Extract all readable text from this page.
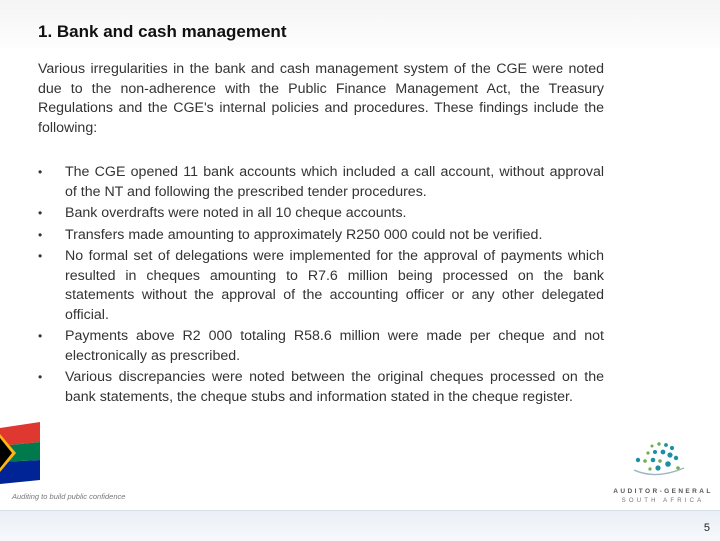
1. Bank and cash management
Various irregularities in the bank and cash management system of the CGE were noted due to the non-adherence with the Public Finance Management Act, the Treasury Regulations and the CGE's internal policies and procedures. These findings include the following:
•	The CGE opened 11 bank accounts which included a call account, without approval of the NT and following the prescribed tender procedures.
•	Bank overdrafts were noted in all 10 cheque accounts.
•	Transfers made amounting to approximately R250 000 could not be verified.
•	No formal set of delegations were implemented for the approval of payments which resulted in cheques amounting to R7.6 million being processed on the bank statements without the approval of the accounting officer or any other delegated official.
•	Payments above R2 000 totaling R58.6 million were made per cheque and not electronically as prescribed.
•	Various discrepancies were noted between the original cheques processed on the bank statements, the cheque stubs and information stated in the cheque register.
Auditing to build public confidence
AUDITOR-GENERAL
SOUTH AFRICA
5
